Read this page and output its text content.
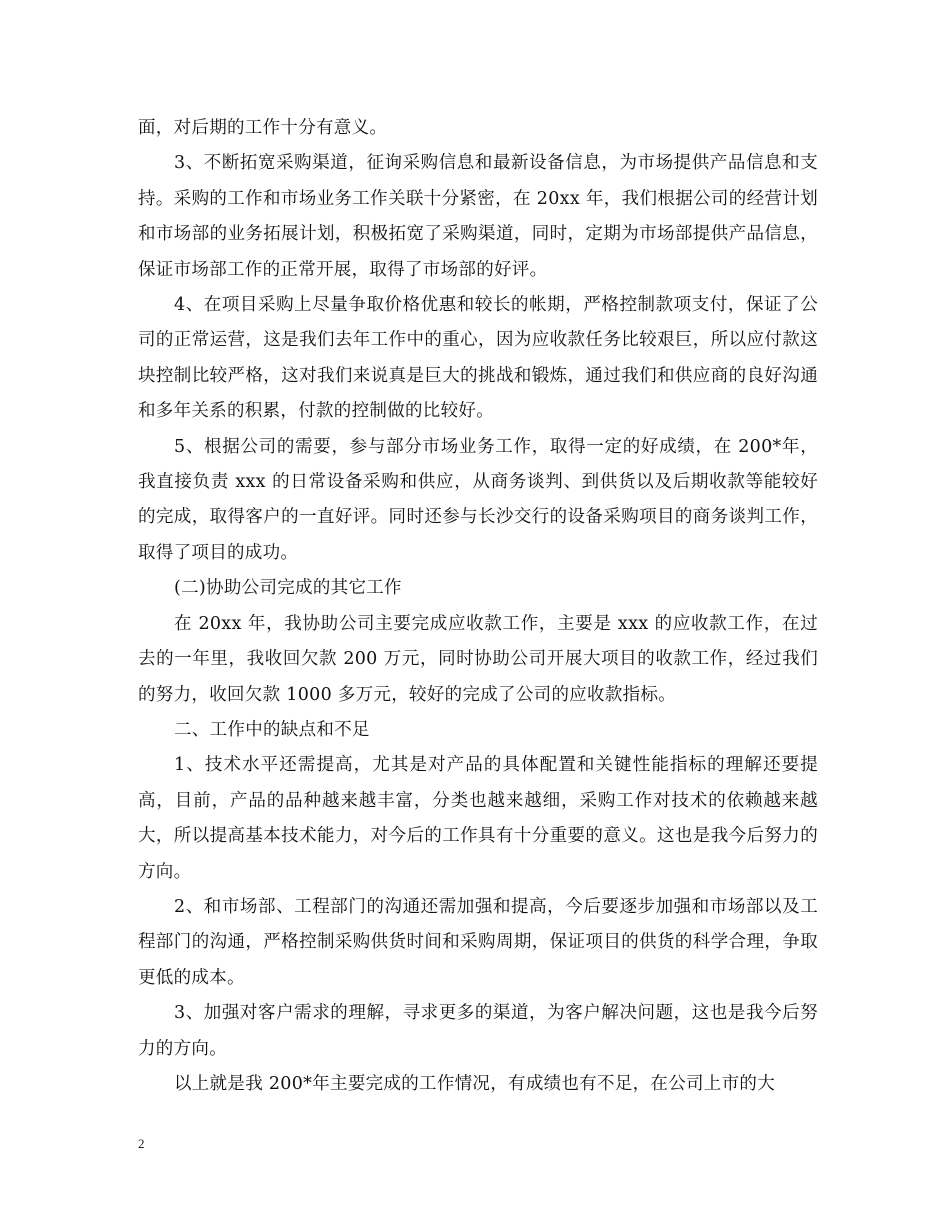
面，对后期的工作十分有意义。

3、不断拓宽采购渠道，征询采购信息和最新设备信息，为市场提供产品信息和支持。采购的工作和市场业务工作关联十分紧密，在 20xx 年，我们根据公司的经营计划和市场部的业务拓展计划，积极拓宽了采购渠道，同时，定期为市场部提供产品信息，保证市场部工作的正常开展，取得了市场部的好评。

4、在项目采购上尽量争取价格优惠和较长的帐期，严格控制款项支付，保证了公司的正常运营，这是我们去年工作中的重心，因为应收款任务比较艰巨，所以应付款这块控制比较严格，这对我们来说真是巨大的挑战和锻炼，通过我们和供应商的良好沟通和多年关系的积累，付款的控制做的比较好。

5、根据公司的需要，参与部分市场业务工作，取得一定的好成绩，在 200*年，我直接负责 xxx 的日常设备采购和供应，从商务谈判、到供货以及后期收款等能较好的完成，取得客户的一直好评。同时还参与长沙交行的设备采购项目的商务谈判工作，取得了项目的成功。

(二)协助公司完成的其它工作

在 20xx 年，我协助公司主要完成应收款工作，主要是 xxx 的应收款工作，在过去的一年里，我收回欠款 200 万元，同时协助公司开展大项目的收款工作，经过我们的努力，收回欠款 1000 多万元，较好的完成了公司的应收款指标。

二、工作中的缺点和不足

1、技术水平还需提高，尤其是对产品的具体配置和关键性能指标的理解还要提高，目前，产品的品种越来越丰富，分类也越来越细，采购工作对技术的依赖越来越大，所以提高基本技术能力，对今后的工作具有十分重要的意义。这也是我今后努力的方向。

2、和市场部、工程部门的沟通还需加强和提高，今后要逐步加强和市场部以及工程部门的沟通，严格控制采购供货时间和采购周期，保证项目的供货的科学合理，争取更低的成本。

3、加强对客户需求的理解，寻求更多的渠道，为客户解决问题，这也是我今后努力的方向。

以上就是我 200*年主要完成的工作情况，有成绩也有不足，在公司上市的大

2
